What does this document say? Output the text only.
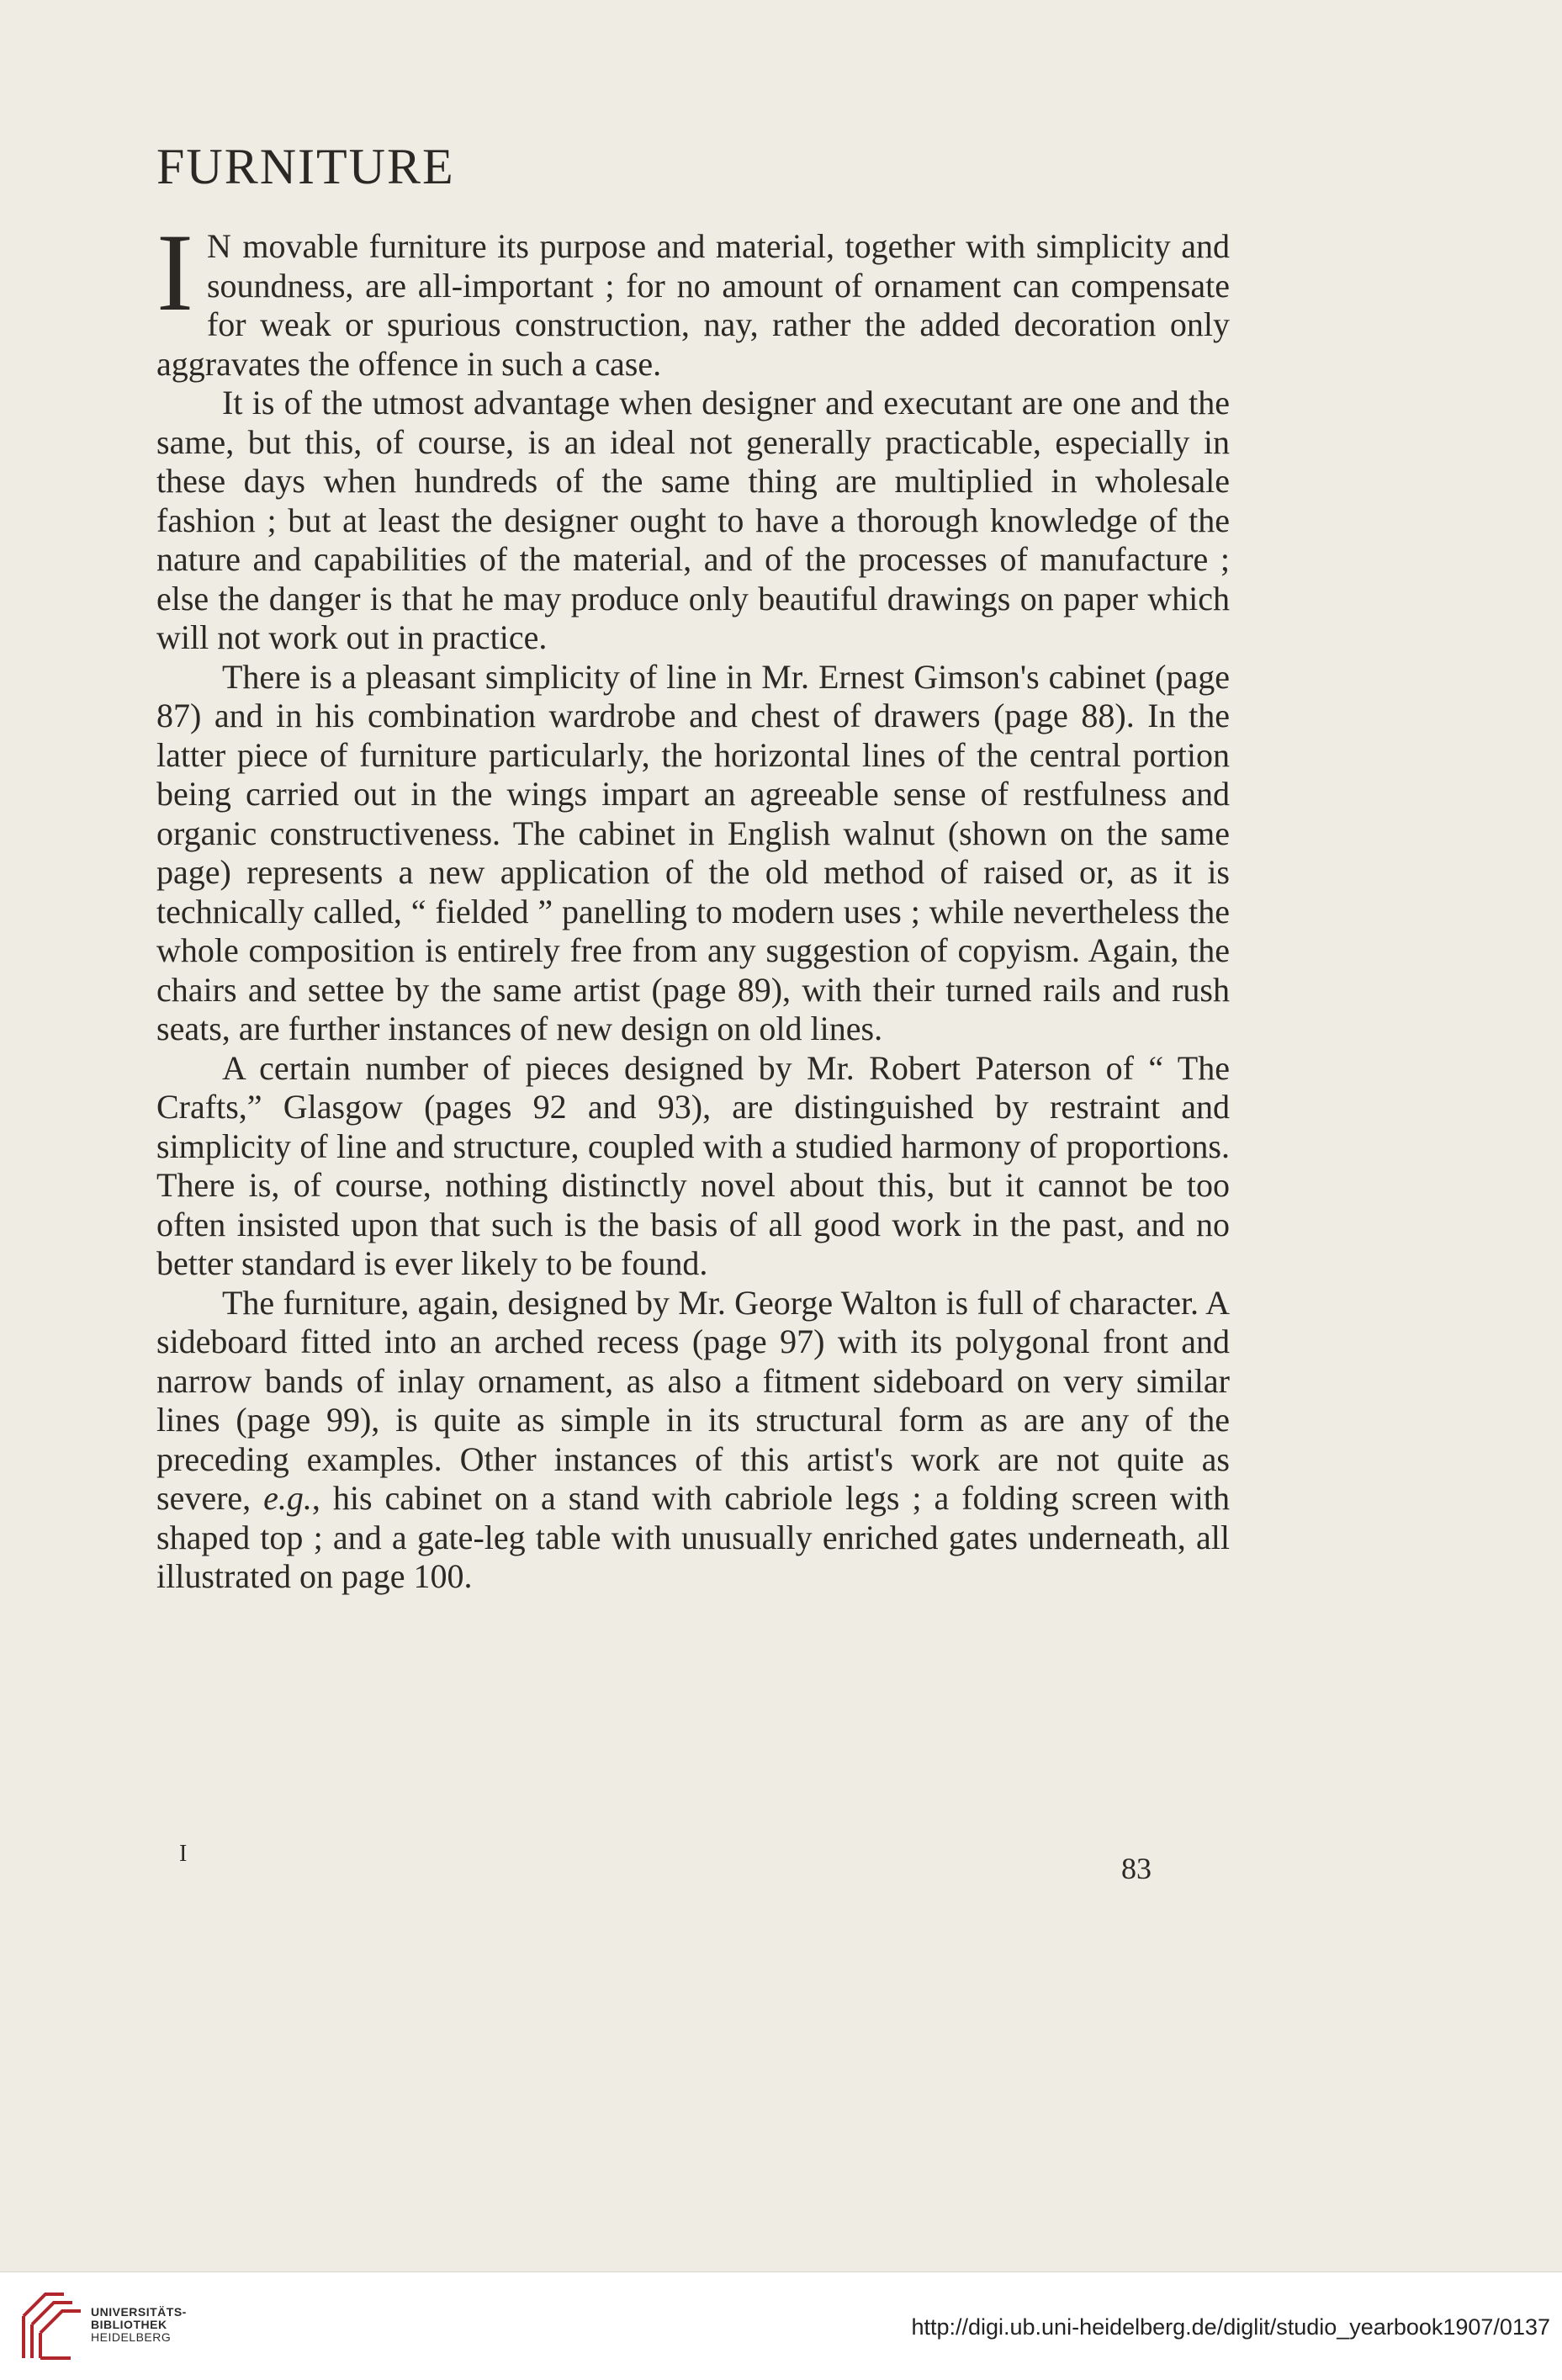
FURNITURE

I N movable furniture its purpose and material, together with simplicity and soundness, are all-important ; for no amount of ornament can compensate for weak or spurious construction, nay, rather the added decoration only aggravates the offence in such a case.

It is of the utmost advantage when designer and executant are one and the same, but this, of course, is an ideal not generally practicable, especially in these days when hundreds of the same thing are multiplied in wholesale fashion ; but at least the designer ought to have a thorough knowledge of the nature and capabilities of the material, and of the processes of manufacture ; else the danger is that he may produce only beautiful drawings on paper which will not work out in practice.

There is a pleasant simplicity of line in Mr. Ernest Gimson's cabinet (page 87) and in his combination wardrobe and chest of drawers (page 88). In the latter piece of furniture particularly, the horizontal lines of the central portion being carried out in the wings impart an agreeable sense of restfulness and organic constructiveness. The cabinet in English walnut (shown on the same page) represents a new application of the old method of raised or, as it is technically called, “ fielded ” panelling to modern uses ; while nevertheless the whole composition is entirely free from any suggestion of copyism. Again, the chairs and settee by the same artist (page 89), with their turned rails and rush seats, are further instances of new design on old lines.

A certain number of pieces designed by Mr. Robert Paterson of “ The Crafts,” Glasgow (pages 92 and 93), are distinguished by restraint and simplicity of line and structure, coupled with a studied harmony of proportions. There is, of course, nothing distinctly novel about this, but it cannot be too often insisted upon that such is the basis of all good work in the past, and no better standard is ever likely to be found.

The furniture, again, designed by Mr. George Walton is full of character. A sideboard fitted into an arched recess (page 97) with its polygonal front and narrow bands of inlay ornament, as also a fitment sideboard on very similar lines (page 99), is quite as simple in its structural form as are any of the preceding examples. Other instances of this artist's work are not quite as severe, e.g., his cabinet on a stand with cabriole legs ; a folding screen with shaped top ; and a gate-leg table with unusually enriched gates underneath, all illustrated on page 100.

I	83
UNIVERSITÄTS-
BIBLIOTHEK
HEIDELBERG	http://digi.ub.uni-heidelberg.de/diglit/studio_yearbook1907/0137
